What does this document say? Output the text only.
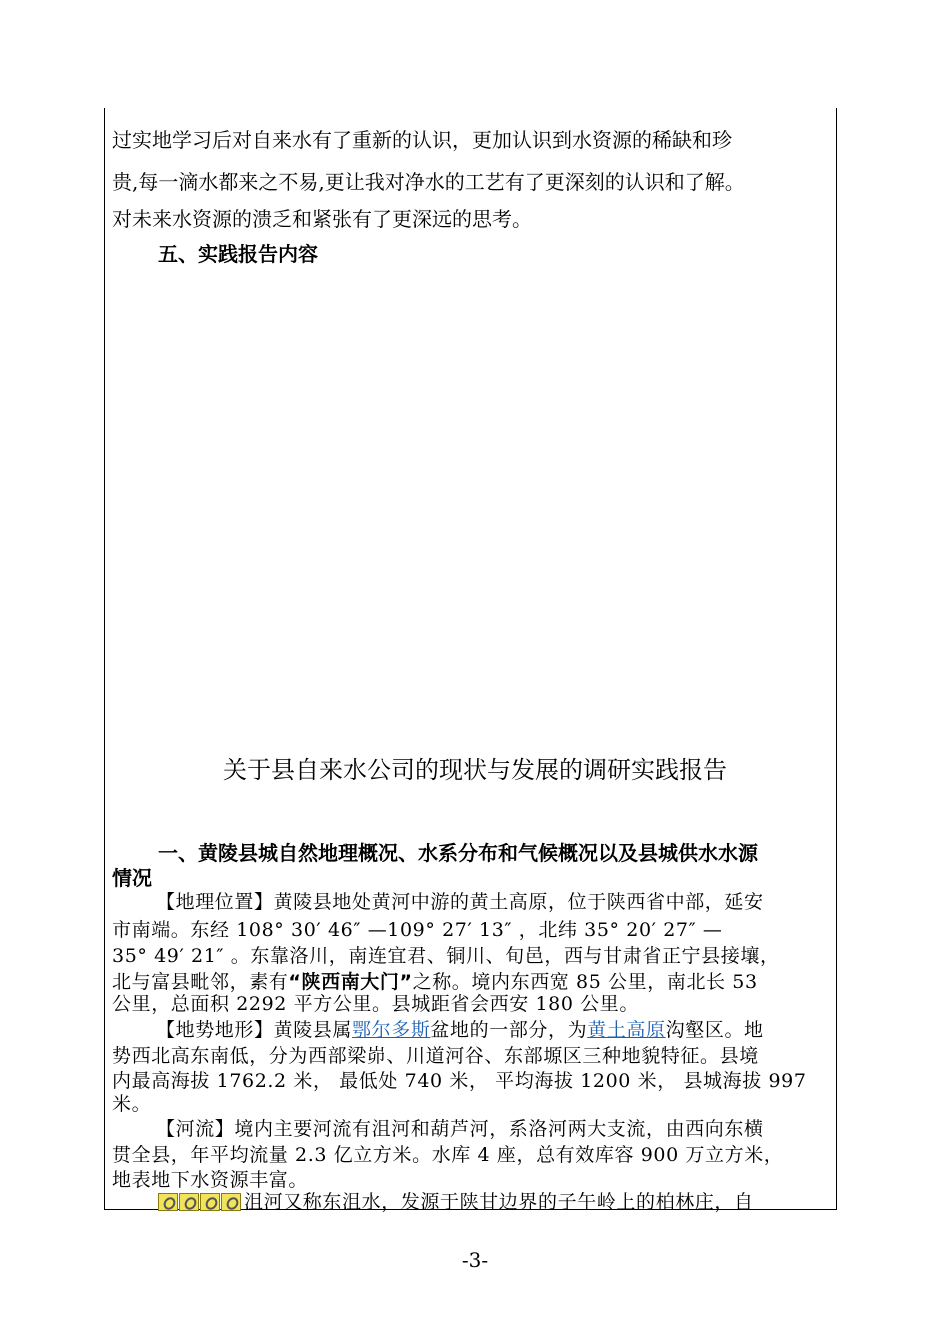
过实地学习后对自来水有了重新的认识，更加认识到水资源的稀缺和珍
贵,每一滴水都来之不易,更让我对净水的工艺有了更深刻的认识和了解。
对未来水资源的溃乏和紧张有了更深远的思考。
五、实践报告内容
关于县自来水公司的现状与发展的调研实践报告
一、黄陵县城自然地理概况、水系分布和气候概况以及县城供水水源
情况
【地理位置】黄陵县地处黄河中游的黄土高原，位于陕西省中部，延安
市南端。东经 108° 30′ 46″ —109° 27′ 13″ ，北纬 35° 20′ 27″ —
35° 49′ 21″ 。东靠洛川，南连宜君、铜川、旬邑，西与甘肃省正宁县接壤，
北与富县毗邻，素有“陕西南大门”之称。境内东西宽 85 公里，南北长 53
公里，总面积 2292 平方公里。县城距省会西安 180 公里。
【地势地形】黄陵县属鄂尔多斯盆地的一部分，为黄土高原沟壑区。地
势西北高东南低，分为西部梁峁、川道河谷、东部塬区三种地貌特征。县境
内最高海拔 1762.2 米， 最低处 740 米， 平均海拔 1200 米， 县城海拔 997
米。
【河流】境内主要河流有沮河和葫芦河，系洛河两大支流，由西向东横
贯全县，年平均流量 2.3 亿立方米。水库 4 座，总有效库容 900 万立方米，
地表地下水资源丰富。
沮河又称东沮水，发源于陕甘边界的子午岭上的柏林庄，自
-3-
